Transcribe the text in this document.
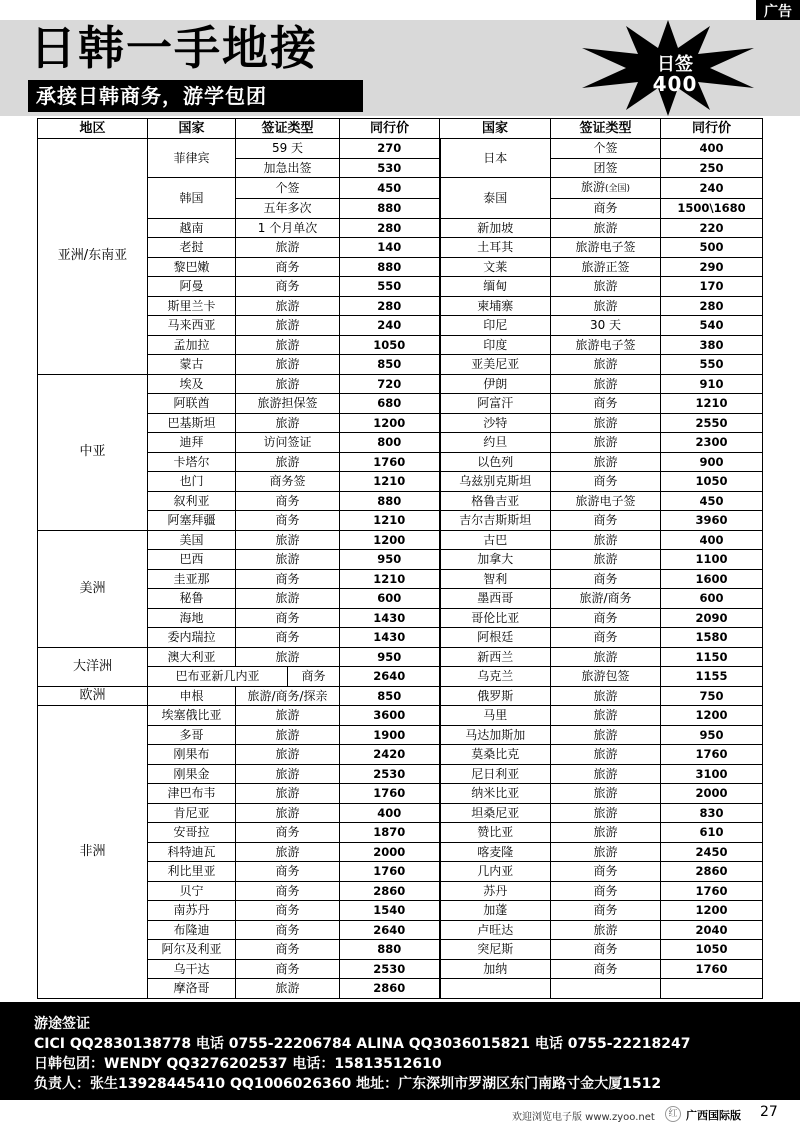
广告
日韩一手地接
承接日韩商务，游学包团
日签
400
地区	国家	签证类型		同行价	国家	签证类型	同行价
亚洲/东南亚	菲律宾	59 天		270	日本	个签	400
		加急出签		530		团签	250
	韩国	个签		450	泰国	旅游(全国)	240
		五年多次		880		商务	1500\1680
	越南	1 个月单次		280	新加坡	旅游	220
	老挝	旅游		140	土耳其	旅游电子签	500
	黎巴嫩	商务		880	文莱	旅游正签	290
	阿曼	商务		550	缅甸	旅游	170
	斯里兰卡	旅游		280	柬埔寨	旅游	280
	马来西亚	旅游		240	印尼	30 天	540
	孟加拉	旅游		1050	印度	旅游电子签	380
	蒙古	旅游		850	亚美尼亚	旅游	550
中亚	埃及	旅游		720	伊朗	旅游	910
	阿联酋	旅游担保签		680	阿富汗	商务	1210
	巴基斯坦	旅游		1200	沙特	旅游	2550
	迪拜	访问签证		800	约旦	旅游	2300
	卡塔尔	旅游		1760	以色列	旅游	900
	也门	商务签		1210	乌兹别克斯坦	商务	1050
	叙利亚	商务		880	格鲁吉亚	旅游电子签	450
	阿塞拜疆	商务		1210	吉尔吉斯斯坦	商务	3960
美洲	美国	旅游		1200	古巴	旅游	400
	巴西	旅游		950	加拿大	旅游	1100
	圭亚那	商务		1210	智利	商务	1600
	秘鲁	旅游		600	墨西哥	旅游/商务	600
	海地	商务		1430	哥伦比亚	商务	2090
	委内瑞拉	商务		1430	阿根廷	商务	1580
大洋洲	澳大利亚	旅游		950	新西兰	旅游	1150
	巴布亚新几内亚		商务	2640	乌克兰	旅游包签	1155
欧洲	申根	旅游/商务/探亲		850	俄罗斯	旅游	750
非洲	埃塞俄比亚	旅游		3600	马里	旅游	1200
	多哥	旅游		1900	马达加斯加	旅游	950
	刚果布	旅游		2420	莫桑比克	旅游	1760
	刚果金	旅游		2530	尼日利亚	旅游	3100
	津巴布韦	旅游		1760	纳米比亚	旅游	2000
	肯尼亚	旅游		400	坦桑尼亚	旅游	830
	安哥拉	商务		1870	赞比亚	旅游	610
	科特迪瓦	旅游		2000	喀麦隆	旅游	2450
	利比里亚	商务		1760	几内亚	商务	2860
	贝宁	商务		2860	苏丹	商务	1760
	南苏丹	商务		1540	加蓬	商务	1200
	布隆迪	商务		2640	卢旺达	旅游	2040
	阿尔及利亚	商务		880	突尼斯	商务	1050
	乌干达	商务		2530	加纳	商务	1760
	摩洛哥	旅游		2860			
游途签证
CICI QQ2830138778 电话 0755-22206784 ALINA QQ3036015821 电话 0755-22218247
日韩包团：WENDY QQ3276202537 电话：15813512610
负责人：张生13928445410 QQ1006026360 地址：广东深圳市罗湖区东门南路寸金大厦1512
欢迎浏览电子版 www.zyoo.net	红 广西国际版 27
